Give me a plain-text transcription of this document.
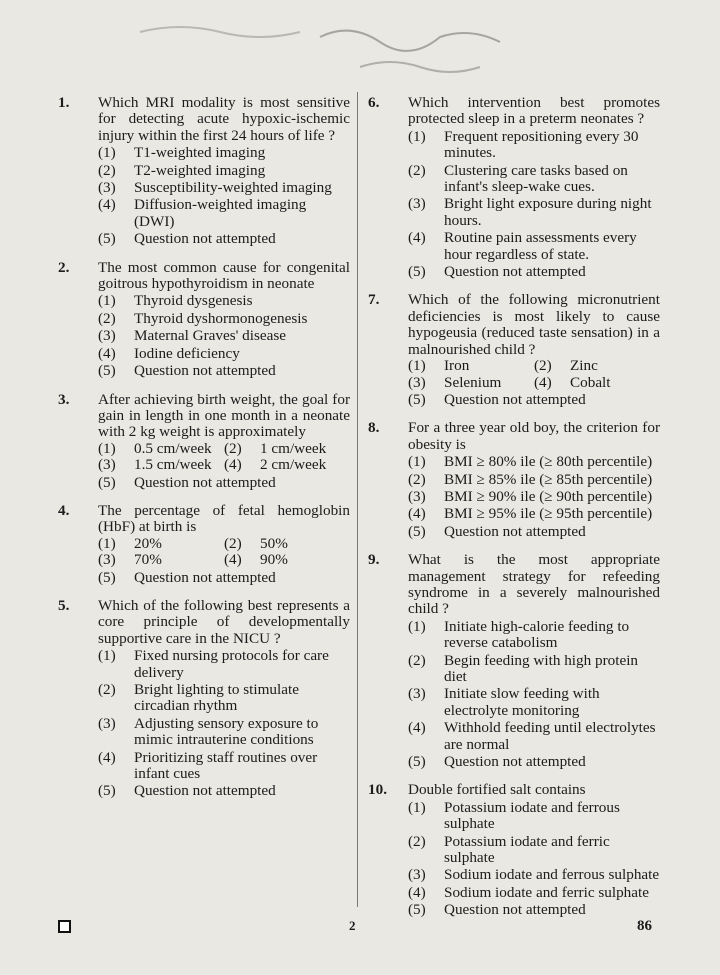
1. Which MRI modality is most sensitive for detecting acute hypoxic-ischemic injury within the first 24 hours of life ?
(1) T1-weighted imaging
(2) T2-weighted imaging
(3) Susceptibility-weighted imaging
(4) Diffusion-weighted imaging (DWI)
(5) Question not attempted
2. The most common cause for congenital goitrous hypothyroidism in neonate
(1) Thyroid dysgenesis
(2) Thyroid dyshormonogenesis
(3) Maternal Graves' disease
(4) Iodine deficiency
(5) Question not attempted
3. After achieving birth weight, the goal for gain in length in one month in a neonate with 2 kg weight is approximately
(1) 0.5 cm/week (2) 1 cm/week
(3) 1.5 cm/week (4) 2 cm/week
(5) Question not attempted
4. The percentage of fetal hemoglobin (HbF) at birth is
(1) 20%	(2) 50%
(3) 70%	(4) 90%
(5) Question not attempted
5. Which of the following best represents a core principle of developmentally supportive care in the NICU ?
(1) Fixed nursing protocols for care delivery
(2) Bright lighting to stimulate circadian rhythm
(3) Adjusting sensory exposure to mimic intrauterine conditions
(4) Prioritizing staff routines over infant cues
(5) Question not attempted
6. Which intervention best promotes protected sleep in a preterm neonates ?
(1) Frequent repositioning every 30 minutes.
(2) Clustering care tasks based on infant's sleep-wake cues.
(3) Bright light exposure during night hours.
(4) Routine pain assessments every hour regardless of state.
(5) Question not attempted
7. Which of the following micronutrient deficiencies is most likely to cause hypogeusia (reduced taste sensation) in a malnourished child ?
(1) Iron	(2) Zinc
(3) Selenium	(4) Cobalt
(5) Question not attempted
8. For a three year old boy, the criterion for obesity is
(1) BMI ≥ 80% ile (≥ 80th percentile)
(2) BMI ≥ 85% ile (≥ 85th percentile)
(3) BMI ≥ 90% ile (≥ 90th percentile)
(4) BMI ≥ 95% ile (≥ 95th percentile)
(5) Question not attempted
9. What is the most appropriate management strategy for refeeding syndrome in a severely malnourished child ?
(1) Initiate high-calorie feeding to reverse catabolism
(2) Begin feeding with high protein diet
(3) Initiate slow feeding with electrolyte monitoring
(4) Withhold feeding until electrolytes are normal
(5) Question not attempted
10. Double fortified salt contains
(1) Potassium iodate and ferrous sulphate
(2) Potassium iodate and ferric sulphate
(3) Sodium iodate and ferrous sulphate
(4) Sodium iodate and ferric sulphate
(5) Question not attempted
2	86
